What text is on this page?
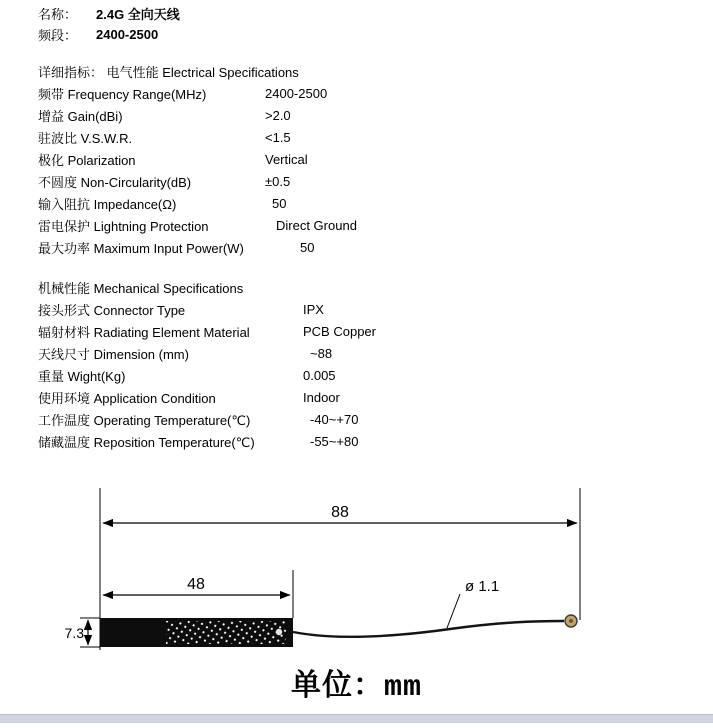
名称：	2.4G 全向天线
频段：	2400-2500
详细指标： 电气性能 Electrical Specifications
频带 Frequency Range(MHz)	2400-2500
增益 Gain(dBi)	>2.0
驻波比 V.S.W.R.	<1.5
极化 Polarization	Vertical
不圆度 Non-Circularity(dB)	±0.5
输入阻抗 Impedance(Ω)	50
雷电保护 Lightning Protection	Direct Ground
最大功率 Maximum Input Power(W)	50
机械性能 Mechanical Specifications
接头形式 Connector Type	IPX
辐射材料 Radiating Element Material	PCB Copper
天线尺寸 Dimension (mm)	~88
重量 Wight(Kg)	0.005
使用环境 Application Condition	Indoor
工作温度 Operating Temperature(℃)	-40~+70
储藏温度 Reposition Temperature(℃)	-55~+80
88
48
7.3
ø 1.1
单位：mm
